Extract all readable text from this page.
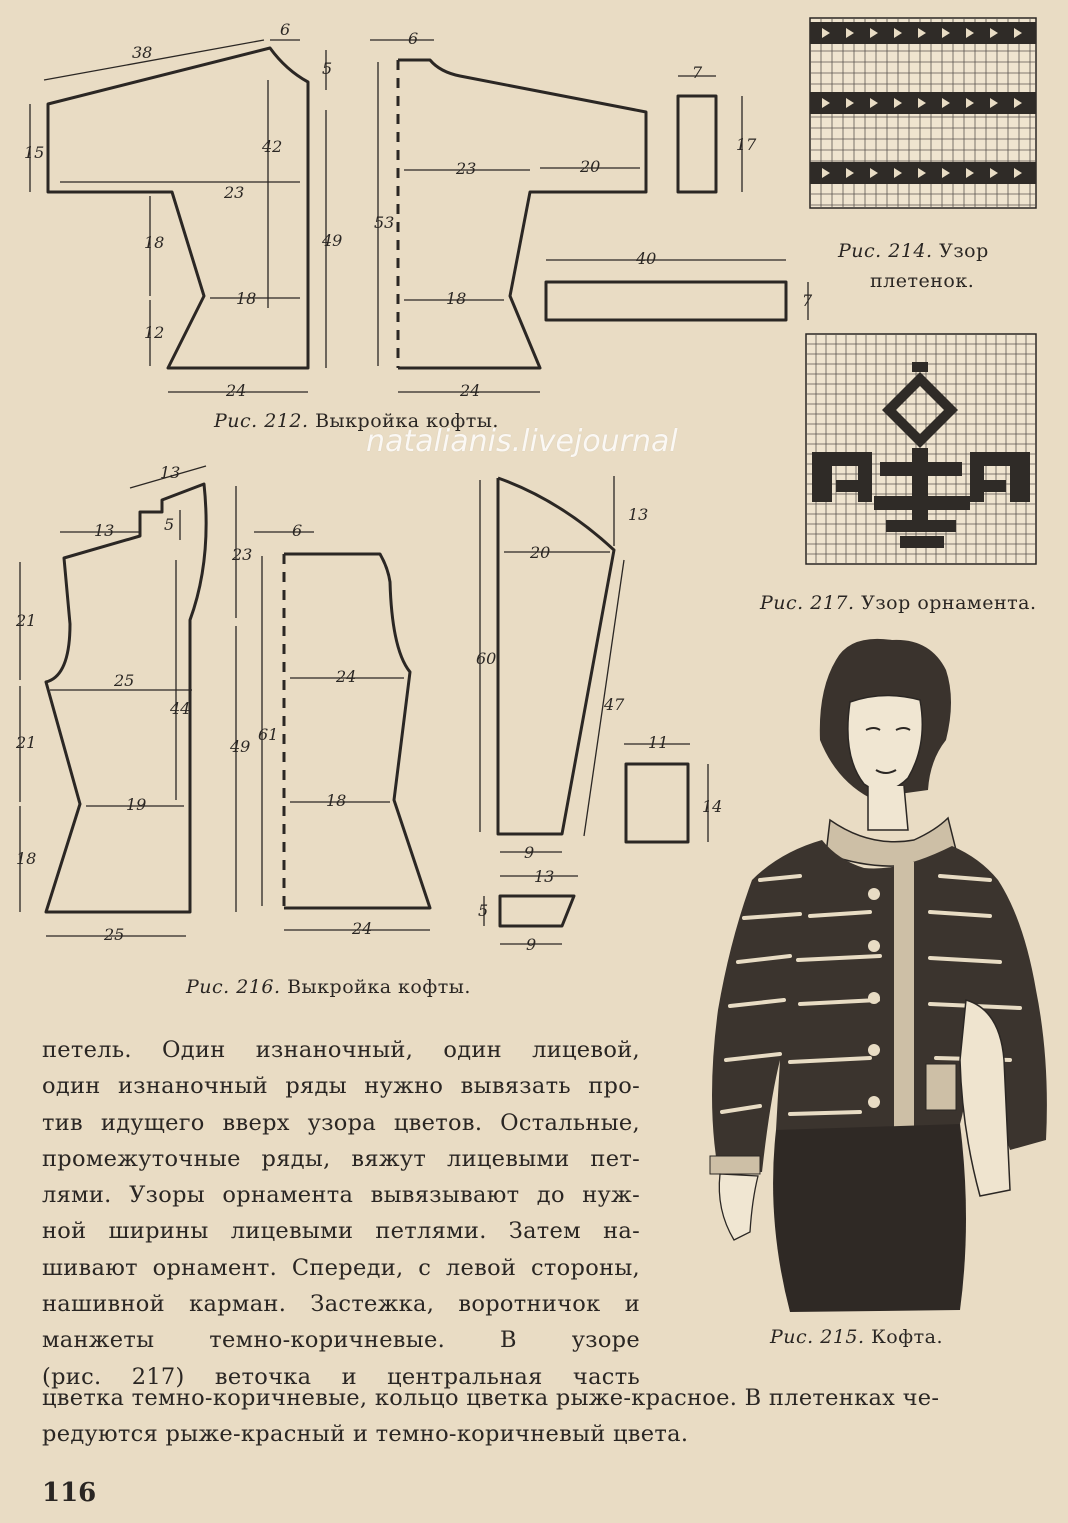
38
6
5
15	42
23
49
18
18
12
24
6
53
23	20
18
24
7
17
40
7
13
13
5
23
21
25
21
44
19
18
49
25
6
24
61
18
24
20
13
60
47
9
11
14
13
5
9
Рис. 212. Выкройка кофты.
Рис. 214. Узор
плетенок.
Рис. 217. Узор орнамента.
Рис. 216. Выкройка кофты.
Рис. 215. Кофта.
natalianis.livejournal
петель. Один изнаночный, один лицевой,
один изнаночный ряды нужно вывязать про-
тив идущего вверх узора цветов. Остальные,
промежуточные ряды, вяжут лицевыми пет-
лями. Узоры орнамента вывязывают до нуж-
ной ширины лицевыми петлями. Затем на-
шивают орнамент. Спереди, с левой стороны,
нашивной карман. Застежка, воротничок и
манжеты темно-коричневые. В узоре
(рис. 217) веточка и центральная часть
цветка темно-коричневые, кольцо цветка рыже-красное. В плетенках че-
редуются рыже-красный и темно-коричневый цвета.
116
